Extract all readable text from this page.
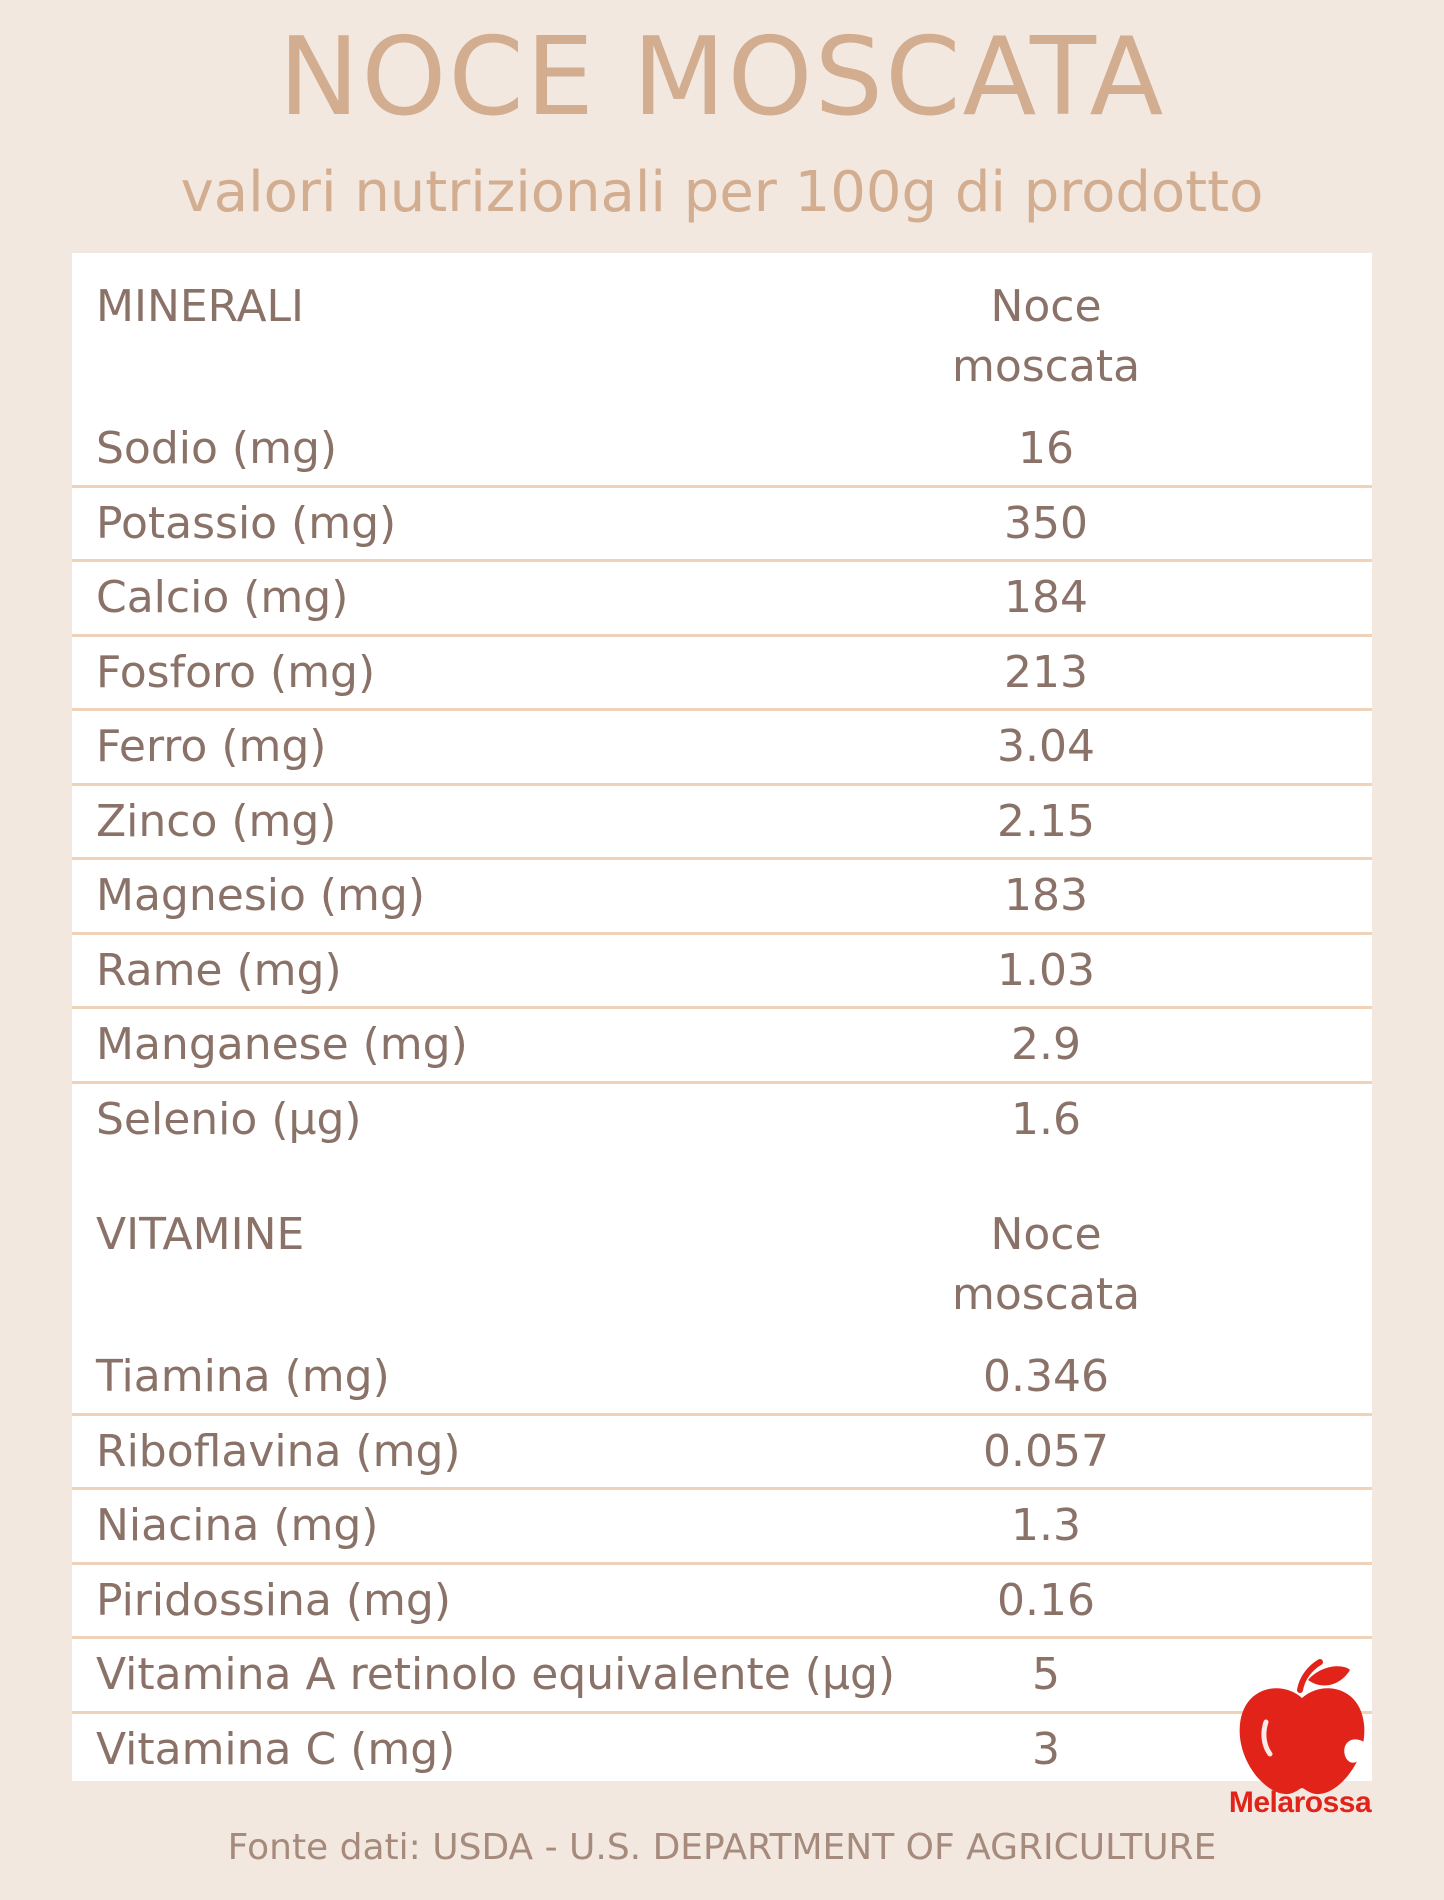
NOCE MOSCATA
valori nutrizionali per 100g di prodotto
MINERALI	Noce moscata
Sodio (mg)	16
Potassio (mg)	350
Calcio (mg)	184
Fosforo (mg)	213
Ferro (mg)	3.04
Zinco (mg)	2.15
Magnesio (mg)	183
Rame (mg)	1.03
Manganese (mg)	2.9
Selenio (µg)	1.6
VITAMINE	Noce moscata
Tiamina (mg)	0.346
Riboflavina (mg)	0.057
Niacina (mg)	1.3
Piridossina (mg)	0.16
Vitamina A retinolo equivalente (µg)	5
Vitamina C (mg)	3
Melarossa
Fonte dati: USDA - U.S. DEPARTMENT OF AGRICULTURE
